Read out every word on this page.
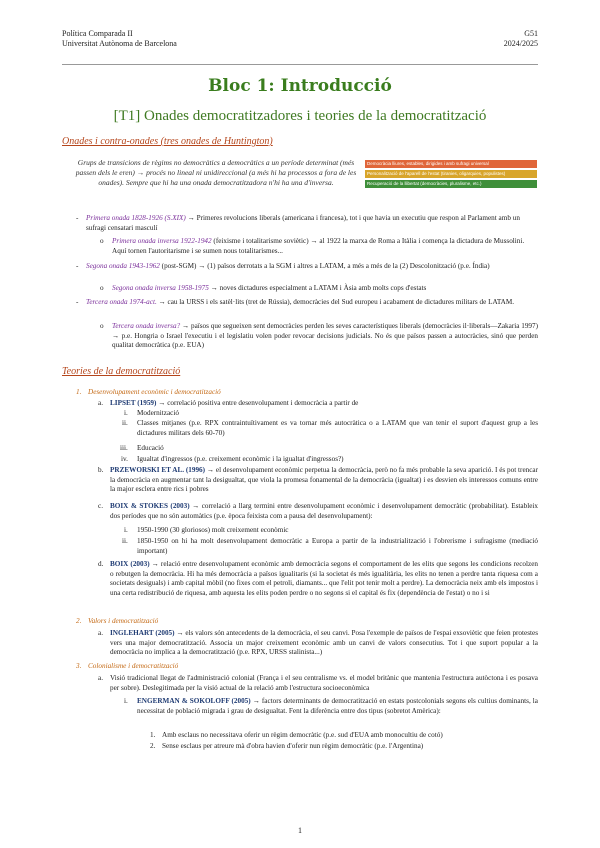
Política Comparada II
Universitat Autònoma de Barcelona
G51
2024/2025
Bloc 1: Introducció
[T1] Onades democratitzadores i teories de la democratització
Onades i contra-onades (tres onades de Huntington)
Grups de transicions de règims no democràtics a democràtics a un període determinat (més passen dels le eren) → procés no lineal ni unidireccional (a més hi ha processos a fora de les onades). Sempre que hi ha una onada democratitzadora n'hi ha una d'inversa.
Democràcia lliures, estables, dirigides i amb sufragi universal
Personalització de l'aparell de l'estat (tiranies, oligarquies, populistes)
Recuperació de la llibertat (democràcies, pluralisme, etc.)
- Primera onada 1828-1926 (S.XIX) → Primeres revolucions liberals (americana i francesa), tot i que havia un executiu que respon al Parlament amb un sufragi censatari masculí
o Primera onada inversa 1922-1942 (feixisme i totalitarisme soviètic) → al 1922 la marxa de Roma a Itàlia i comença la dictadura de Mussolini. Aquí tornen l'autoritarisme i se sumen nous totalitarismes...
- Segona onada 1943-1962 (post-SGM) → (1) països derrotats a la SGM i altres a LATAM, a més a més de la (2) Descolonització (p.e. Índia)
o Segona onada inversa 1958-1975 → noves dictadures especialment a LATAM i Àsia amb molts cops d'estats
- Tercera onada 1974-act. → cau la URSS i els satèl·lits (tret de Rússia), democràcies del Sud europeu i acabament de dictadures militars de LATAM.
o Tercera onada inversa? → països que segueixen sent democràcies perden les seves característiques liberals (democràcies il·liberals—Zakaria 1997) → p.e. Hongria o Israel l'executiu i el legislatiu volen poder revocar decisions judicials. No és que països passen a autocràcies, sinó que perden qualitat democràtica (p.e. EUA)
Teories de la democratització
1. Desenvolupament econòmic i democratització
a. LIPSET (1959) → correlació positiva entre desenvolupament i democràcia a partir de
i. Modernització
ii. Classes mitjanes (p.e. RPX contraintuïtivament es va tornar més autocràtica o a LATAM que van tenir el suport d'aquest grup a les dictadures militars dels 60-70)
iii. Educació
iv. Igualtat d'ingressos (p.e. creixement econòmic i la igualtat d'ingressos?)
b. PRZEWORSKI ET AL. (1996) → el desenvolupament econòmic perpetua la democràcia, però no fa més probable la seva aparició. I és pot trencar la democràcia en augmentar tant la desigualtat, que viola la promesa fonamental de la democràcia (igualtat) i es desvien els interessos comuns entre la major esclera entre rics i pobres
c. BOIX & STOKES (2003) → correlació a llarg termini entre desenvolupament econòmic i desenvolupament democràtic (probabilitat). Estableix dos períodes que no són automàtics (p.e. època feixista com a pausa del desenvolupament):
i. 1950-1990 (30 gloriosos) molt creixement econòmic
ii. 1850-1950 on hi ha molt desenvolupament democràtic a Europa a partir de la industrialització i l'obrerisme i sufragisme (mediació important)
d. BOIX (2003) → relació entre desenvolupament econòmic amb democràcia segons el comportament de les elits que segons les condicions recolzen o rebutgen la democràcia. Hi ha més democràcia a països igualitaris (si la societat és més igualitària, les elits no tenen a perdre tanta riquesa com a societats desiguals) i amb capital mòbil (no fixes com el petroli, diamants... que l'elit pot tenir molt a perdre). La democràcia neix amb els impostos i una certa redistribució de riquesa, amb aquesta les elits poden perdre o no segons si el capital és fix (dependència de l'estat) o no i si
2. Valors i democratització
a. INGLEHART (2005) → els valors són antecedents de la democràcia, el seu canvi. Posa l'exemple de països de l'espai exsoviètic que feien protestes vers una major democratització. Associa un major creixement econòmic amb un canvi de valors consecutius. Tot i que suport popular a la democràcia no implica a la democratització (p.e. RPX, URSS stalinista...)
3. Colonialisme i democratització
a. Visió tradicional llegat de l'administració colonial (França i el seu centralisme vs. el model britànic que mantenia l'estructura autòctona i es posava per sobre). Deslegitimada per la visió actual de la relació amb l'estructura socioeconòmica
i. ENGERMAN & SOKOLOFF (2005) → factors determinants de democratització en estats postcolonials segons els cultius dominants, la necessitat de població migrada i grau de desigualtat. Fent la diferència entre dos tipus (sobretot Amèrica):
1. Amb esclaus no necessitava oferir un règim democràtic (p.e. sud d'EUA amb monocultiu de cotó)
2. Sense esclaus per atreure mà d'obra havien d'oferir nun règim democràtic (p.e. l'Argentina)
1
